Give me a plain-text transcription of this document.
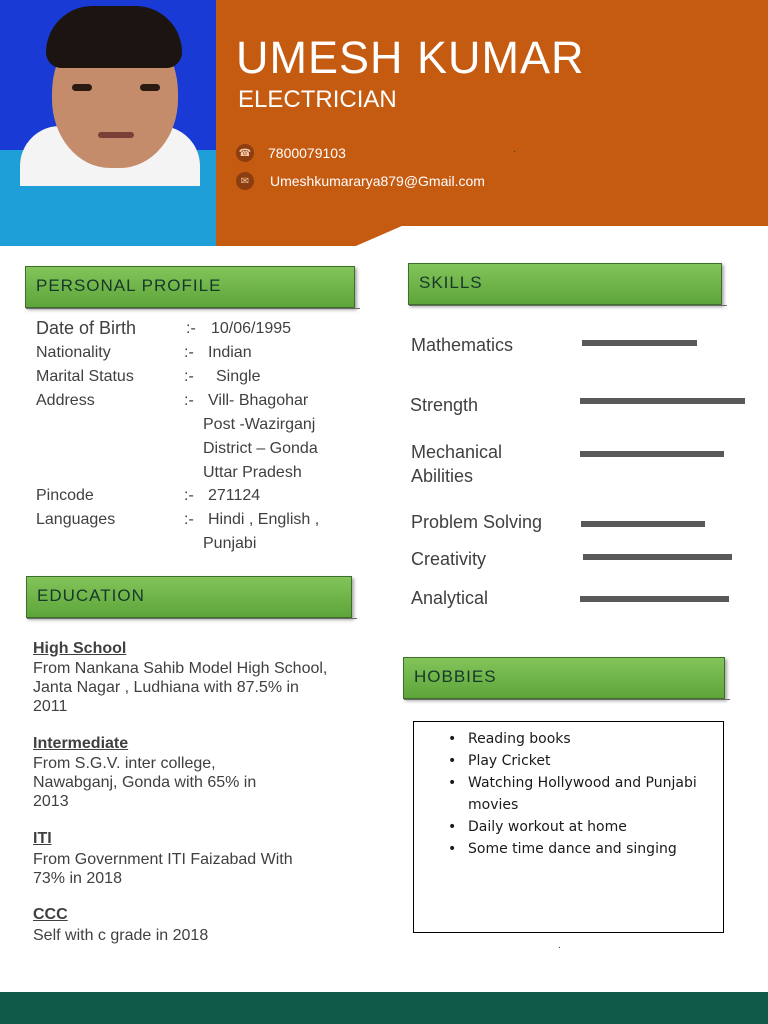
UMESH KUMAR
ELECTRICIAN
☎ 7800079103
✉	Umeshkumararya879@Gmail.com
.
PERSONAL PROFILE
Date of Birth	:- 10/06/1995
Nationality	:- Indian
Marital Status	:- Single
Address	:- Vill- Bhagohar
Post -Wazirganj
District – Gonda
Uttar Pradesh
Pincode	:- 271124
Languages	:- Hindi , English ,
Punjabi
EDUCATION
High School
From Nankana Sahib Model High School, Janta Nagar , Ludhiana with 87.5% in 2011
Intermediate
From S.G.V. inter college, Nawabganj, Gonda with 65% in 2013
ITI
From Government ITI Faizabad With 73% in 2018
CCC
Self with c grade in 2018
SKILLS
Mathematics
Strength
Mechanical Abilities
Problem Solving
Creativity
Analytical
HOBBIES
• Reading books
• Play Cricket
• Watching Hollywood and Punjabi movies
• Daily workout at home
• Some time dance and singing
.
